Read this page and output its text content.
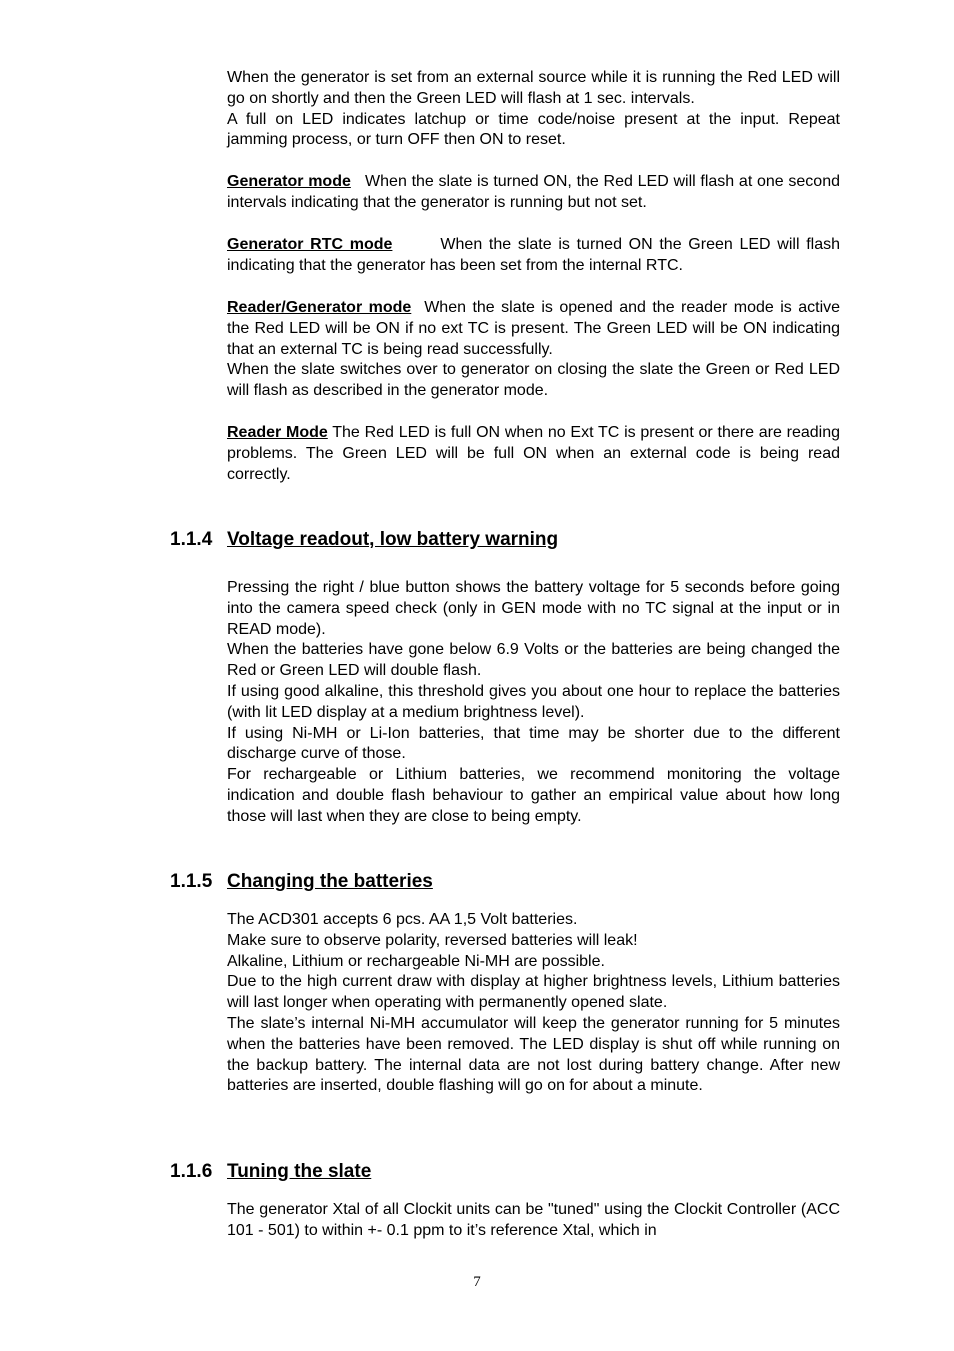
When the generator is set from an external source while it is running the Red LED will go on shortly and then the Green LED will flash at 1 sec. intervals.

A full on LED indicates latchup or time code/noise present at the input. Repeat jamming process, or turn OFF then ON to reset.

Generator mode When the slate is turned ON, the Red LED will flash at one second intervals indicating that the generator is running but not set.

Generator RTC mode	When the slate is turned ON the Green LED will flash indicating that the generator has been set from the internal RTC.

Reader/Generator mode When the slate is opened and the reader mode is active the Red LED will be ON if no ext TC is present. The Green LED will be ON indicating that an external TC is being read successfully.

When the slate switches over to generator on closing the slate the Green or Red LED will flash as described in the generator mode.

Reader Mode The Red LED is full ON when no Ext TC is present or there are reading problems. The Green LED will be full ON when an external code is being read correctly.

1.1.4 Voltage readout, low battery warning

Pressing the right / blue button shows the battery voltage for 5 seconds before going into the camera speed check (only in GEN mode with no TC signal at the input or in READ mode).

When the batteries have gone below 6.9 Volts or the batteries are being changed the Red or Green LED will double flash.

If using good alkaline, this threshold gives you about one hour to replace the batteries (with lit LED display at a medium brightness level).

If using Ni-MH or Li-Ion batteries, that time may be shorter due to the different discharge curve of those.

For rechargeable or Lithium batteries, we recommend monitoring the voltage indication and double flash behaviour to gather an empirical value about how long those will last when they are close to being empty.

1.1.5 Changing the batteries

The ACD301 accepts 6 pcs. AA 1,5 Volt batteries.

Make sure to observe polarity, reversed batteries will leak!

Alkaline, Lithium or rechargeable Ni-MH are possible.

Due to the high current draw with display at higher brightness levels, Lithium batteries will last longer when operating with permanently opened slate.

The slate’s internal Ni-MH accumulator will keep the generator running for 5 minutes when the batteries have been removed. The LED display is shut off while running on the backup battery. The internal data are not lost during battery change. After new batteries are inserted, double flashing will go on for about a minute.

1.1.6 Tuning the slate

The generator Xtal of all Clockit units can be "tuned" using the Clockit Controller (ACC 101 - 501) to within +- 0.1 ppm to it’s reference Xtal, which in

7
